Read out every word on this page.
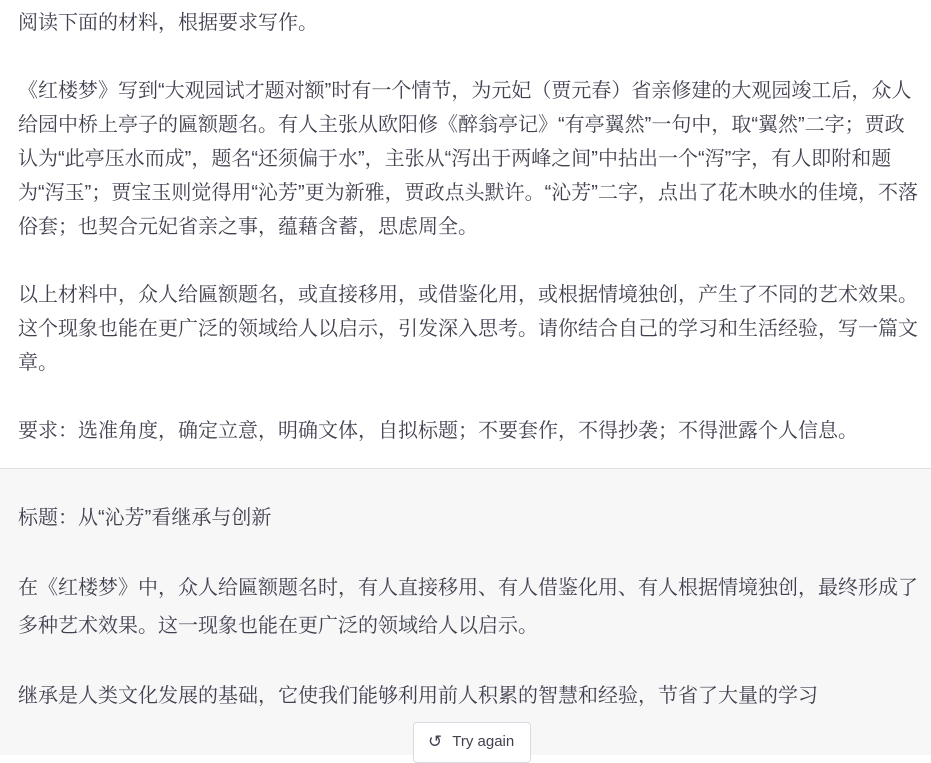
阅读下面的材料，根据要求写作。

《红楼梦》写到“大观园试才题对额”时有一个情节，为元妃（贾元春）省亲修建的大观园竣工后，众人给园中桥上亭子的匾额题名。有人主张从欧阳修《醉翁亭记》“有亭翼然”一句中，取“翼然”二字；贾政认为“此亭压水而成”，题名“还须偏于水”，主张从“泻出于两峰之间”中拈出一个“泻”字，有人即附和题为“泻玉”；贾宝玉则觉得用“沁芳”更为新雅，贾政点头默许。“沁芳”二字，点出了花木映水的佳境，不落俗套；也契合元妃省亲之事，蕴藉含蓄，思虑周全。

以上材料中，众人给匾额题名，或直接移用，或借鉴化用，或根据情境独创，产生了不同的艺术效果。这个现象也能在更广泛的领域给人以启示，引发深入思考。请你结合自己的学习和生活经验，写一篇文章。

要求：选准角度，确定立意，明确文体，自拟标题；不要套作，不得抄袭；不得泄露个人信息。

标题：从“沁芳”看继承与创新

在《红楼梦》中，众人给匾额题名时，有人直接移用、有人借鉴化用、有人根据情境独创，最终形成了多种艺术效果。这一现象也能在更广泛的领域给人以启示。

继承是人类文化发展的基础，它使我们能够利用前人积累的智慧和经验，节省了大量的学习

↺ Try again
